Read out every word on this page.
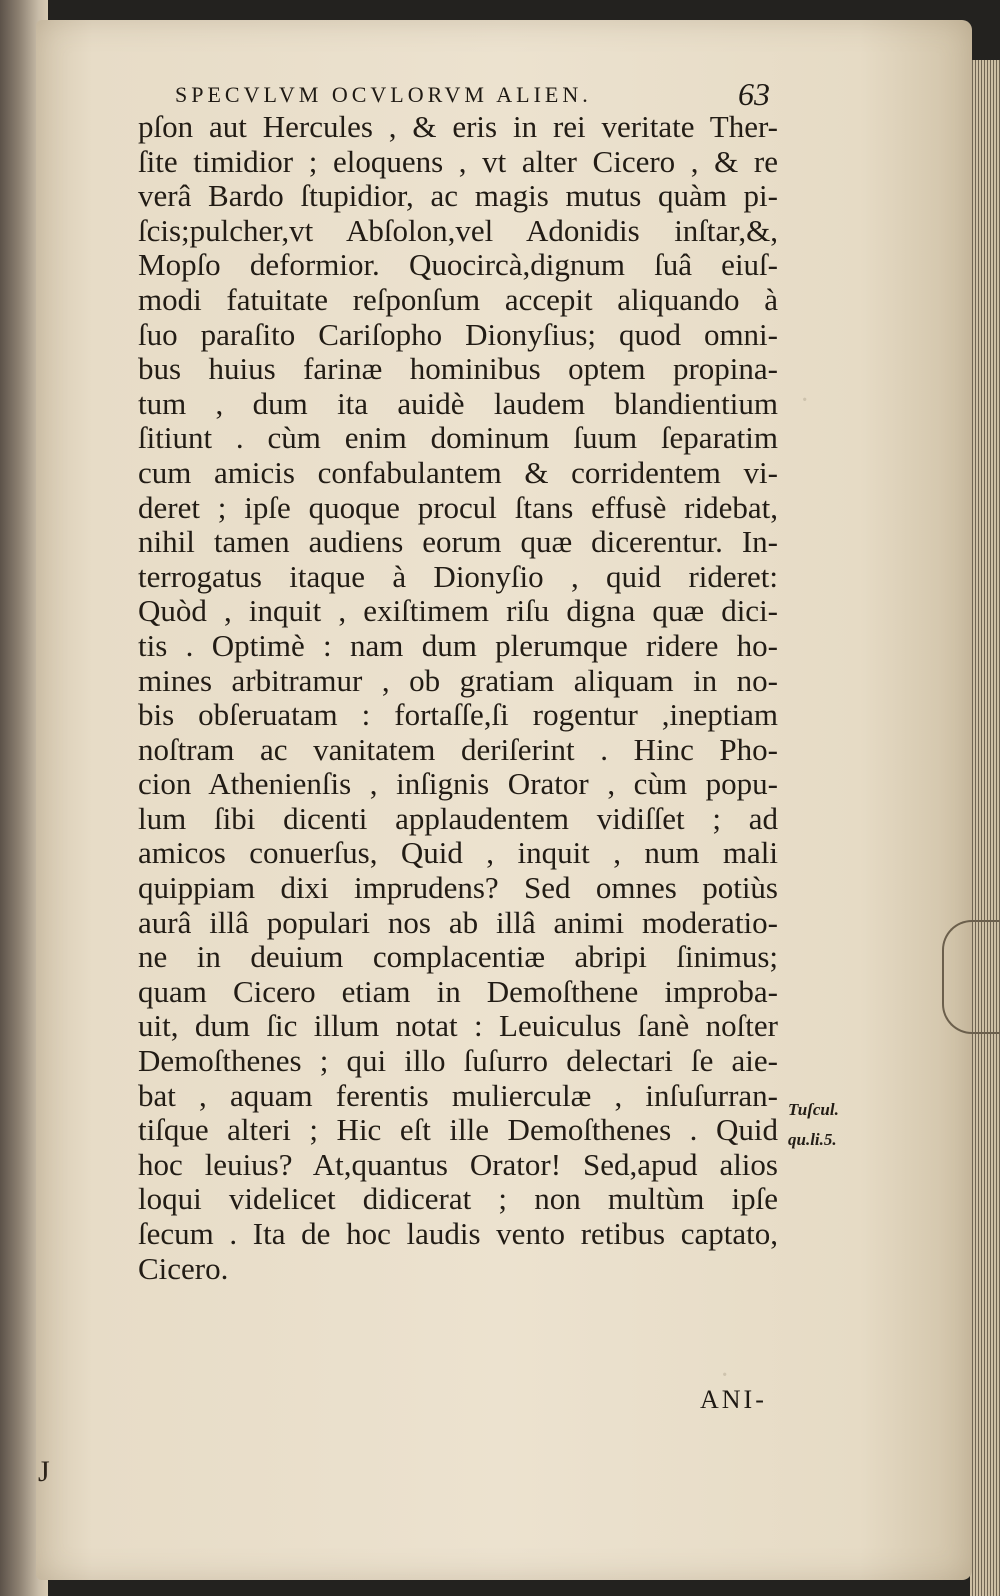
SPECVLVM OCVLORVM ALIEN.	63
pſon aut Hercules , & eris in rei veritate Ther-
ſite timidior ; eloquens , vt alter Cicero , & re
verâ Bardo ſtupidior, ac magis mutus quàm pi-
ſcis;pulcher,vt Abſolon,vel Adonidis inſtar,&,
Mopſo deformior. Quocircà,dignum ſuâ eiuſ-
modi fatuitate reſponſum accepit aliquando à
ſuo paraſito Cariſopho Dionyſius; quod omni-
bus huius farinæ hominibus optem propina-
tum , dum ita auidè laudem blandientium
ſitiunt . cùm enim dominum ſuum ſeparatim
cum amicis confabulantem & corridentem vi-
deret ; ipſe quoque procul ſtans effusè ridebat,
nihil tamen audiens eorum quæ dicerentur. In-
terrogatus itaque à Dionyſio , quid rideret:
Quòd , inquit , exiſtimem riſu digna quæ dici-
tis . Optimè : nam dum plerumque ridere ho-
mines arbitramur , ob gratiam aliquam in no-
bis obſeruatam : fortaſſe,ſi rogentur ,ineptiam
noſtram ac vanitatem deriſerint . Hinc Pho-
cion Athenienſis , inſignis Orator , cùm popu-
lum ſibi dicenti applaudentem vidiſſet ; ad
amicos conuerſus, Quid , inquit , num mali
quippiam dixi imprudens? Sed omnes potiùs
aurâ illâ populari nos ab illâ animi moderatio-
ne in deuium complacentiæ abripi ſinimus;
quam Cicero etiam in Demoſthene improba-
uit, dum ſic illum notat : Leuiculus ſanè noſter
Demoſthenes ; qui illo ſuſurro delectari ſe aie-
bat , aquam ferentis mulierculæ , inſuſurran-
tiſque alteri ; Hic eſt ille Demoſthenes . Quid
hoc leuius? At,quantus Orator! Sed,apud alios
loqui videlicet didicerat ; non multùm ipſe
ſecum . Ita de hoc laudis vento retibus captato,
Cicero.
Tuſcul.
qu.li.5.
ANI-
J
·
·
